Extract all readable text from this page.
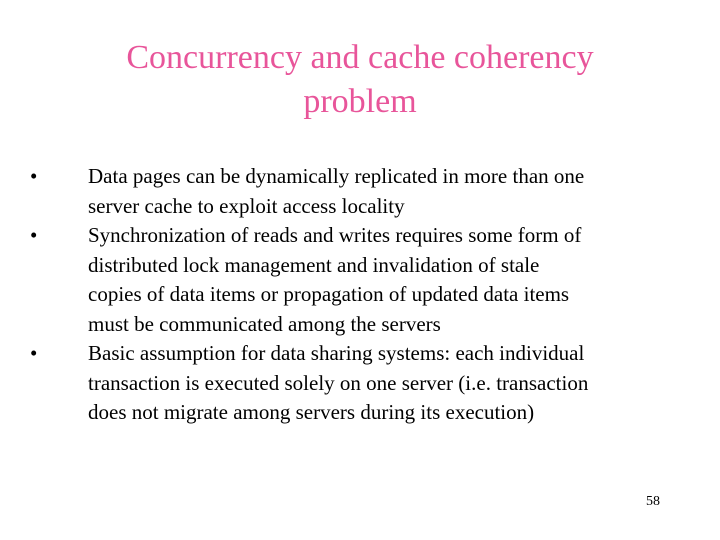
Concurrency and cache coherency
problem
•	Data pages can be dynamically replicated in more than one
server cache to exploit access locality
•	Synchronization of reads and writes requires some form of
distributed lock management and invalidation of stale
copies of data items or propagation of updated data items
must be communicated among the servers
•	Basic assumption for data sharing systems: each individual
transaction is executed solely on one server (i.e. transaction
does not migrate among servers during its execution)
58
